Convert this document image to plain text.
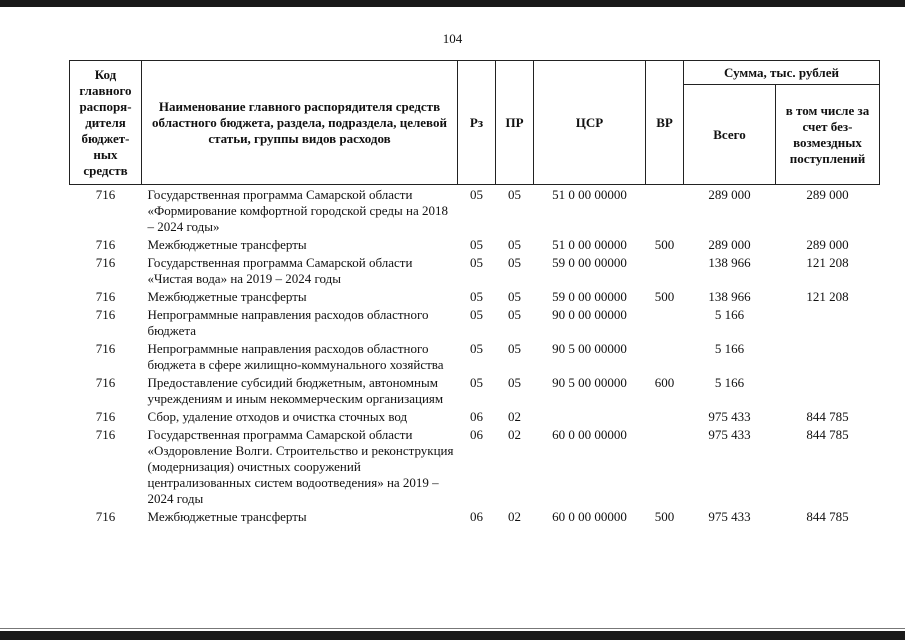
104
Код главного распоря-дителя бюджет-ных средств	Наименование главного распорядителя средств областного бюджета, раздела, подраздела, целевой статьи, группы видов расходов	Рз	ПР	ЦСР	ВР	Сумма, тыс. рублей	
						Всего	в том числе за счет без-возмездных поступлений
716	Государственная программа Самарской области «Формирование комфортной городской среды на 2018 – 2024 годы»	05	05	51 0 00 00000		289 000	289 000
716	Межбюджетные трансферты	05	05	51 0 00 00000	500	289 000	289 000
716	Государственная программа Самарской области «Чистая вода» на 2019 – 2024 годы	05	05	59 0 00 00000		138 966	121 208
716	Межбюджетные трансферты	05	05	59 0 00 00000	500	138 966	121 208
716	Непрограммные направления расходов областного бюджета	05	05	90 0 00 00000		5 166	
716	Непрограммные направления расходов областного бюджета в сфере жилищно-коммунального хозяйства	05	05	90 5 00 00000		5 166	
716	Предоставление субсидий бюджетным, автономным учреждениям и иным некоммерческим организациям	05	05	90 5 00 00000	600	5 166	
716	Сбор, удаление отходов и очистка сточных вод	06	02			975 433	844 785
716	Государственная программа Самарской области «Оздоровление Волги. Строительство и реконструкция (модернизация) очистных сооружений централизованных систем водоотведения» на 2019 – 2024 годы	06	02	60 0 00 00000		975 433	844 785
716	Межбюджетные трансферты	06	02	60 0 00 00000	500	975 433	844 785
